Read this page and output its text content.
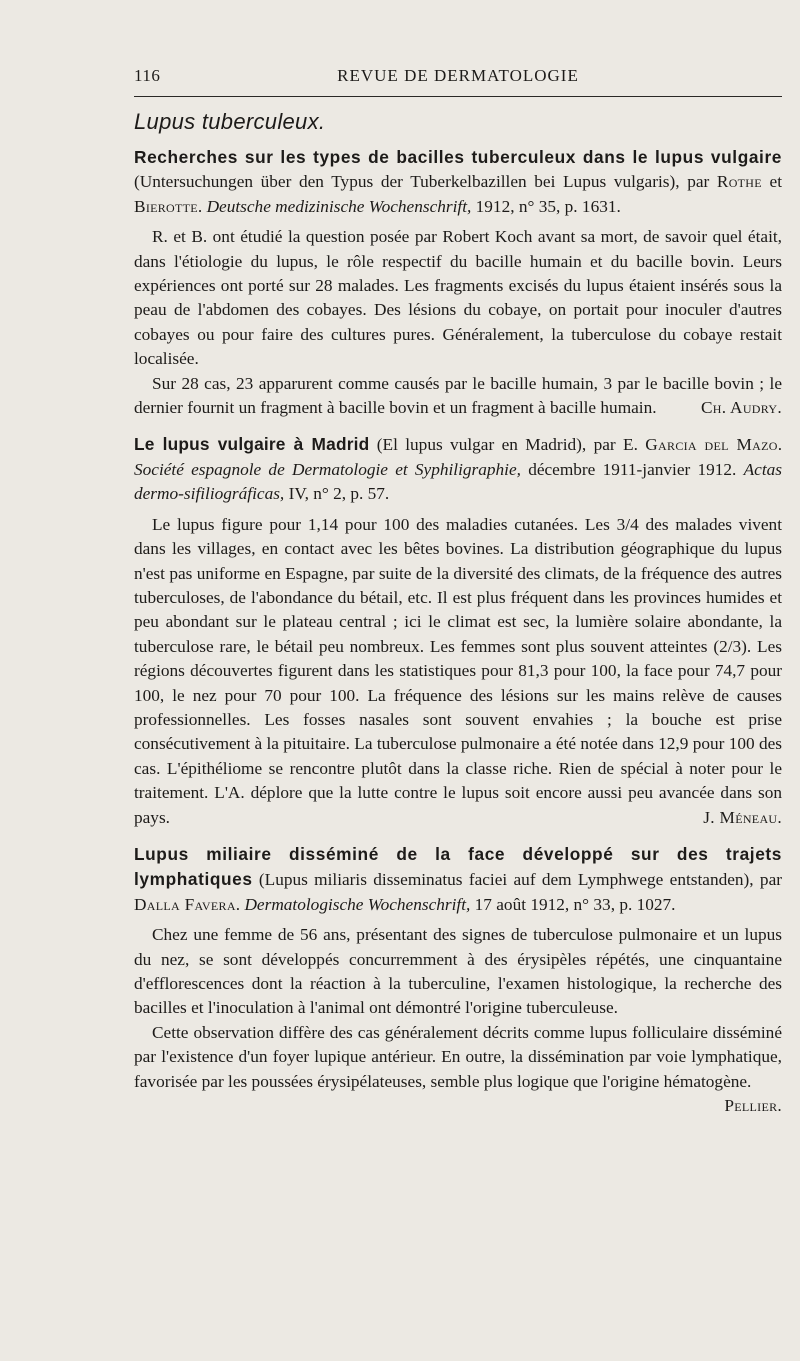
116	REVUE DE DERMATOLOGIE
Lupus tuberculeux.

Recherches sur les types de bacilles tuberculeux dans le lupus vulgaire (Untersuchungen über den Typus der Tuberkelbazillen bei Lupus vulgaris), par Rothe et Bierotte. Deutsche medizinische Wochenschrift, 1912, n° 35, p. 1631.

R. et B. ont étudié la question posée par Robert Koch avant sa mort, de savoir quel était, dans l'étiologie du lupus, le rôle respectif du bacille humain et du bacille bovin. Leurs expériences ont porté sur 28 malades. Les fragments excisés du lupus étaient insérés sous la peau de l'abdomen des cobayes. Des lésions du cobaye, on portait pour inoculer d'autres cobayes ou pour faire des cultures pures. Généralement, la tuberculose du cobaye restait localisée.

Sur 28 cas, 23 apparurent comme causés par le bacille humain, 3 par le bacille bovin ; le dernier fournit un fragment à bacille bovin et un fragment à bacille humain.	Ch. Audry.

Le lupus vulgaire à Madrid (El lupus vulgar en Madrid), par E. Garcia del Mazo. Société espagnole de Dermatologie et Syphiligraphie, décembre 1911-janvier 1912. Actas dermo-sifiliográficas, IV, n° 2, p. 57.

Le lupus figure pour 1,14 pour 100 des maladies cutanées. Les 3/4 des malades vivent dans les villages, en contact avec les bêtes bovines. La distribution géographique du lupus n'est pas uniforme en Espagne, par suite de la diversité des climats, de la fréquence des autres tuberculoses, de l'abondance du bétail, etc. Il est plus fréquent dans les provinces humides et peu abondant sur le plateau central ; ici le climat est sec, la lumière solaire abondante, la tuberculose rare, le bétail peu nombreux. Les femmes sont plus souvent atteintes (2/3). Les régions découvertes figurent dans les statistiques pour 81,3 pour 100, la face pour 74,7 pour 100, le nez pour 70 pour 100. La fréquence des lésions sur les mains relève de causes professionnelles. Les fosses nasales sont souvent envahies ; la bouche est prise consécutivement à la pituitaire. La tuberculose pulmonaire a été notée dans 12,9 pour 100 des cas. L'épithéliome se rencontre plutôt dans la classe riche. Rien de spécial à noter pour le traitement. L'A. déplore que la lutte contre le lupus soit encore aussi peu avancée dans son pays.	J. Méneau.

Lupus miliaire disséminé de la face développé sur des trajets lymphatiques (Lupus miliaris disseminatus faciei auf dem Lymphwege entstanden), par Dalla Favera. Dermatologische Wochenschrift, 17 août 1912, n° 33, p. 1027.

Chez une femme de 56 ans, présentant des signes de tuberculose pulmonaire et un lupus du nez, se sont développés concurremment à des érysipèles répétés, une cinquantaine d'efflorescences dont la réaction à la tuberculine, l'examen histologique, la recherche des bacilles et l'inoculation à l'animal ont démontré l'origine tuberculeuse.

Cette observation diffère des cas généralement décrits comme lupus folliculaire disséminé par l'existence d'un foyer lupique antérieur. En outre, la dissémination par voie lymphatique, favorisée par les poussées érysipélateuses, semble plus logique que l'origine hématogène.
Pellier.
